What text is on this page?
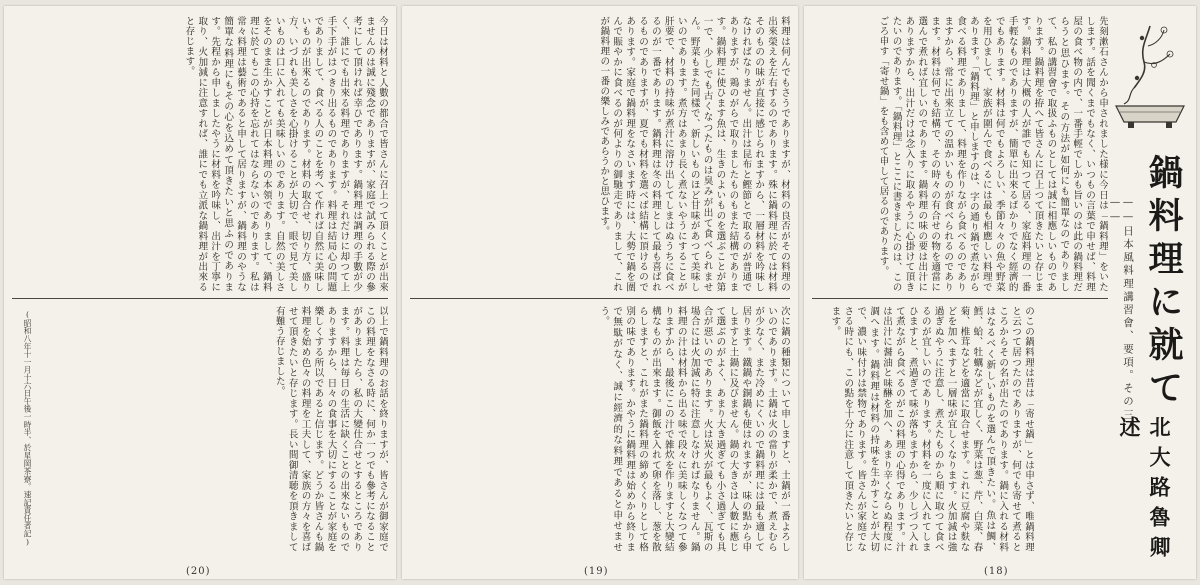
今日は材料と人數の都合で皆さんに召上つて頂くことが出來ませんのは誠に殘念でありますが、家庭で試みられる際の參考にして頂ければ幸ひであります。鍋料理は調理の手數が少く、誰にでも出來る料理でありますが、それだけに却つて上手下手がはつきり出るものであります。料理は結局心の問題でありまして、食べる人のことを考へて作れば自然に美味しいものが出來るのであります。材料の取合せ、切り方、盛り方、いづれも美しさを心掛けることが大切で、眼で見て美しいものは口に入れても美味しいのであります。自然の美しさをそのまま生かすことが日本料理の本領でありまして、鍋料理に於てもこの心持を忘れてはならないのであります。私は常々料理は藝術であると申して居りますが、鍋料理のやうな簡單な料理にもその心を込めて頂きたいと思ふのであります。先程から申しましたやうに材料を吟味し、出汁を丁寧に取り、火加減に注意すれば、誰にでも立派な鍋料理が出來ると存じます。
以上で鍋料理のお話を終りますが、皆さんが御家庭でこの料理をなさる時に、何か一つでも參考になることがありましたら、私の大變仕合せとするところであります。料理は毎日の生活に缺くことの出來ないものでありますから、日々の食事を大切にすることが家庭を樂しくする所以であると信じます。どうか皆さんも鍋料理を始め色々の料理を工夫して、家族の方々を喜ばせて頂きたいと存じます。長い間御清聴を頂きまして有難う存じました。
(昭和八年十一月十六日午後一時半、於星岡茶寮。速記責任者記)
(20)
料理は何んでもさうでありますが、材料の良否がその料理の出來榮えを左右するのであります。殊に鍋料理に於ては材料そのものの味が直接に感じられますから、一層材料を吟味しなければなりません。出汁は昆布と鰹節とで取るのが普通でありますが、鶏のがらで取りましたものもまた結構であります。鍋料理に使ひます魚は、生きのよいものを選ぶことが第一で、少しでも古くなつたものは臭みが出て食べられません。野菜もまた同樣で、新しいものほど甘味があつて美味しいのであります。煮方はあまり長く煮ないやうにすることが肝要で、材料の持味が煮汁に溶け出してしまはぬうちに食べるのが一番であります。鍋料理は冬の料理として最も喜ばれるものでありますが、夏でも材料を選べば結構に頂けるのであります。家庭で鍋料理をなさいます時には、大勢で鍋を圍んで賑やかに食べるのが何よりの御馳走でありまして、これが鍋料理の一番の樂しみであらうかと思ひます。
次に鍋の種類について申しますと、土鍋が一番よろしいのであります。土鍋は火の當りが柔かで、煮えむらが少なく、また冷めにくいので鍋料理には最も適して居ります。鐵鍋や銅鍋も使はれますが、味の點から申しますと土鍋に及びません。鍋の大きさは人數に應じて選ぶのがよく、あまり大き過ぎても小さ過ぎても具合が惡いのであります。火は炭火が最もよく、瓦斯の場合には火加減に特に注意しなければなりません。鍋料理の汁は材料から出る味で段々に美味しくなつて參りますから、最後にこの汁で雑炊を作りますと大變結構なものが出來ます。御飯を入れて卵を落し、葱を散らしますと、これがまた鍋料理の締めくくりとして格別の味であります。かやうに鍋料理は始めから終りまで無駄がなく、誠に經濟的な料理であると申せませう。
(19)
先刻漱石さんから申されました様に今日は「鍋料理」をいたします。話を聞くまでもなく、いつもの言葉で申せば、料理屋の食べ物の内で、一番手輕でしかも旨いのは此の鍋料理だらうと思ひます。その方法が如何にも簡單なのでありまして、私の講習會で取扱ふものとしては誠に相應しいものであります。鍋料理を拵へて皆さんに召上つて頂きたいと存じます。鍋料理は大概の人が誰でも知つて居る、家庭料理の一番手輕なものでありますが、簡單に出來るばかりでなく經濟的でもあります。材料は何でもよろしい、季節々々の魚や野菜を用ひまして、家族が圍んで食べるには最も相應しい料理であります。「鍋料理」と申しますのは、字の通り鍋で煮ながら食べる料理でありまして、料理を作りながら食べるのでありますから、常に出來立ての温かいものが食べられるのであります。材料は何でも結構で、その時々の有合せの物を適當に選んで煮れば宜しいのであります。鍋料理の味の要は出汁にありますから、出汁だけは念入りに取るやうに心掛けて頂きたいのであります。「鍋料理」とここに書きましたのは、このごろ申す「寄せ鍋」をも含めて申して居るのであります。
のこの鍋料理は昔は「寄せ鍋」とは申さず、唯鍋料理と云つて居つたのでありますが、何でも寄せて煮るところからその名が出たのであります。鍋に入れる材料はなるべく新しいものを選んで頂きたい。魚は鯛、鱈、蛤、牡蠣などが宜しく、野菜は葱、芹、白菜、春菊、椎茸などを適當に取合せます。これに豆腐や麩などを加へますと一層味が宜しくなります。火加減は強過ぎぬやうに注意し、煮えたものから順に取つて食べるのが宜しいのであります。材料を一度に入れてしまひますと、煮過ぎて味が落ちますから、少しづつ入れて煮ながら食べるのがこの料理の心得であります。汁は出汁に醤油と味醂を加へ、あまり辛くならぬ程度に調へます。鍋料理は材料の持味を生かすことが大切で、濃い味付けは禁物であります。皆さんが家庭でなさる時にも、この點を十分に注意して頂きたいと存じます。	鍋料理に就て
——日本風料理講習會、要項。その三——
北大路魯卿述
(18)
